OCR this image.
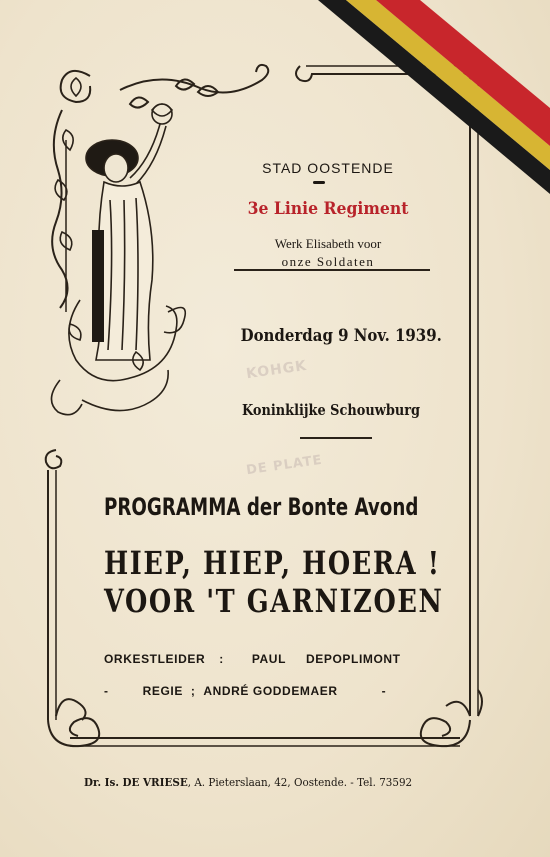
KOHGK
DE PLATE
STAD OOSTENDE
3e Linie Regiment
Werk Elisabeth voor
onze Soldaten
Donderdag 9 Nov. 1939.
Koninklijke Schouwburg
PROGRAMMA der Bonte Avond
HIEP, HIEP, HOERA !
VOOR 'T GARNIZOEN
ORKESTLEIDER : PAUL DEPOPLIMONT
-	REGIE ; ANDRÉ GODDEMAER	-
Dr. Is. DE VRIESE, A. Pieterslaan, 42, Oostende. - Tel. 73592
